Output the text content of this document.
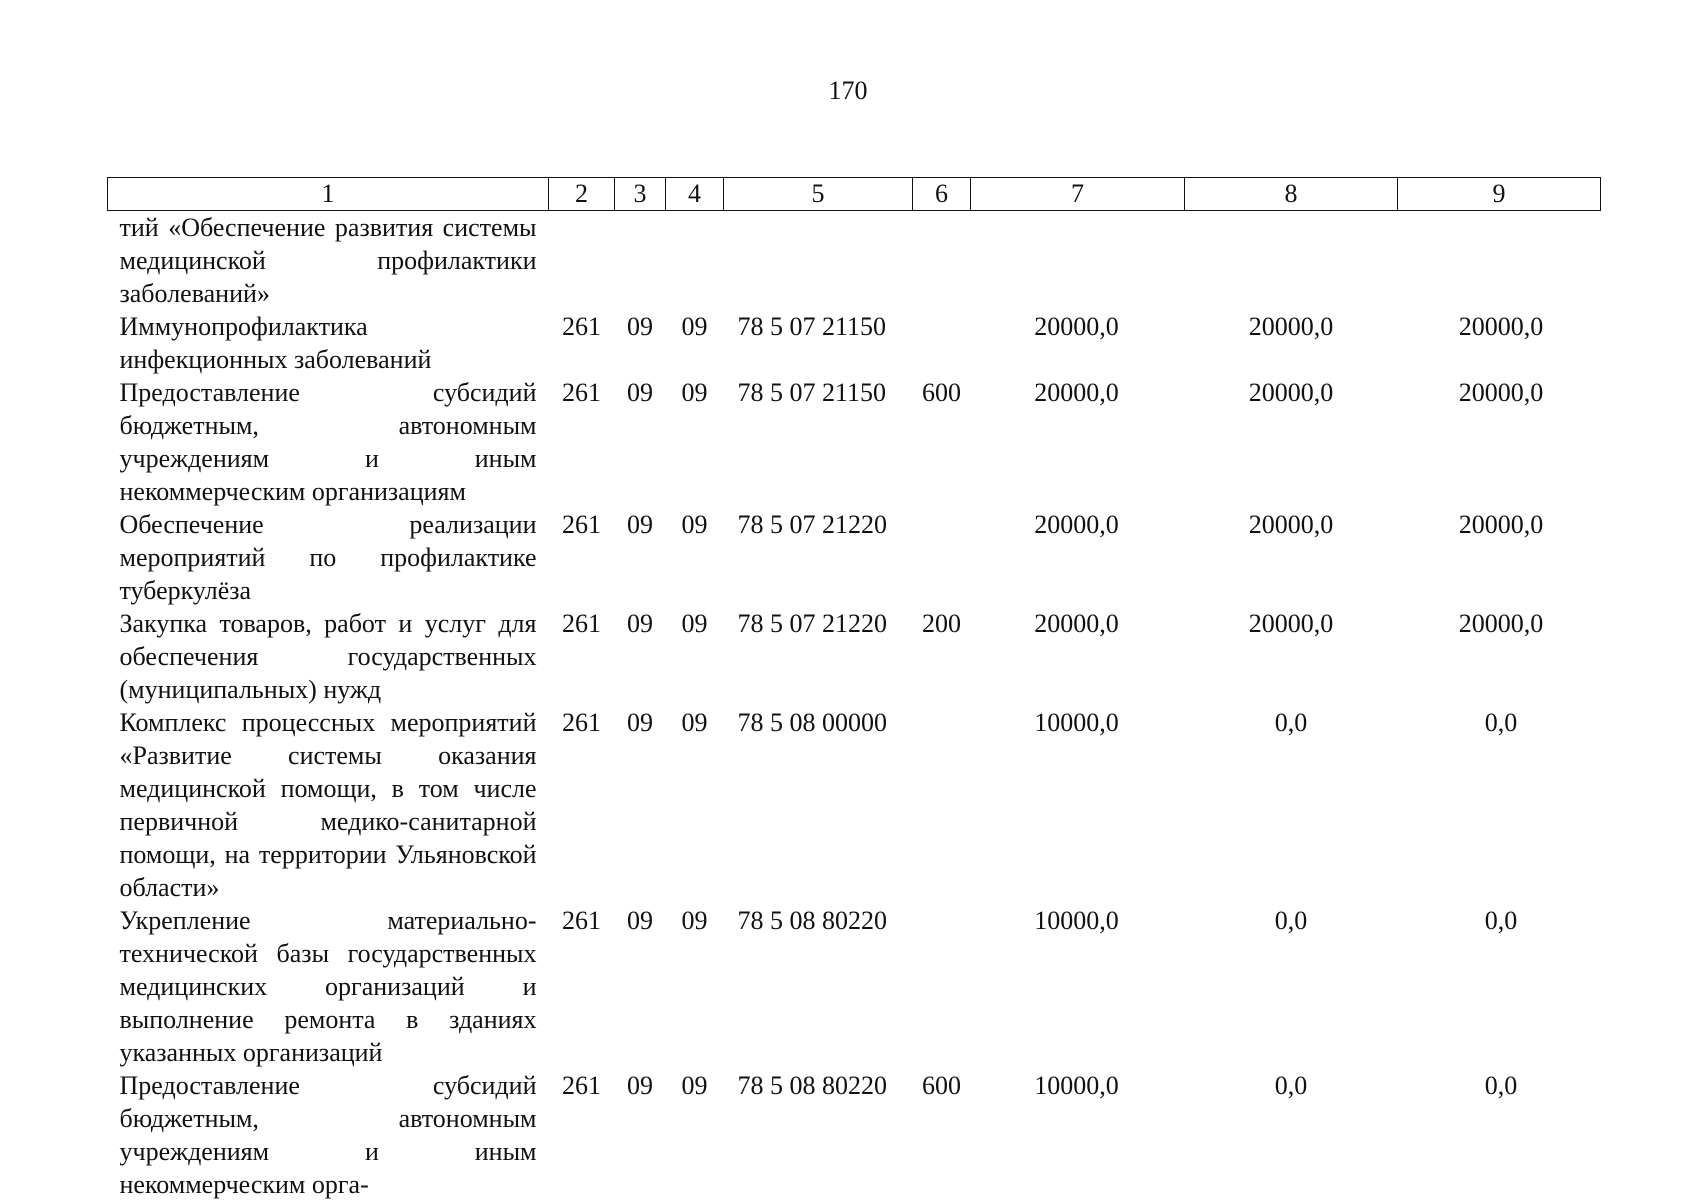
170
1	2	3	4	5	6	7	8	9
тий «Обеспечение развития системы медицинской профилактики заболеваний»								
Иммунопрофилактика инфекционных заболеваний	261	09	09	78 5 07 21150		20000,0	20000,0	20000,0
Предоставление субсидий бюджетным, автономным учреждениям и иным некоммерческим организациям	261	09	09	78 5 07 21150	600	20000,0	20000,0	20000,0
Обеспечение реализации мероприятий по профилактике туберкулёза	261	09	09	78 5 07 21220		20000,0	20000,0	20000,0
Закупка товаров, работ и услуг для обеспечения государственных (муниципальных) нужд	261	09	09	78 5 07 21220	200	20000,0	20000,0	20000,0
Комплекс процессных мероприятий «Развитие системы оказания медицинской помощи, в том числе первичной медико-санитарной помощи, на территории Ульяновской области»	261	09	09	78 5 08 00000		10000,0	0,0	0,0
Укрепление материально-технической базы государственных медицинских организаций и выполнение ремонта в зданиях указанных организаций	261	09	09	78 5 08 80220		10000,0	0,0	0,0
Предоставление субсидий бюджетным, автономным учреждениям и иным некоммерческим орга-	261	09	09	78 5 08 80220	600	10000,0	0,0	0,0
